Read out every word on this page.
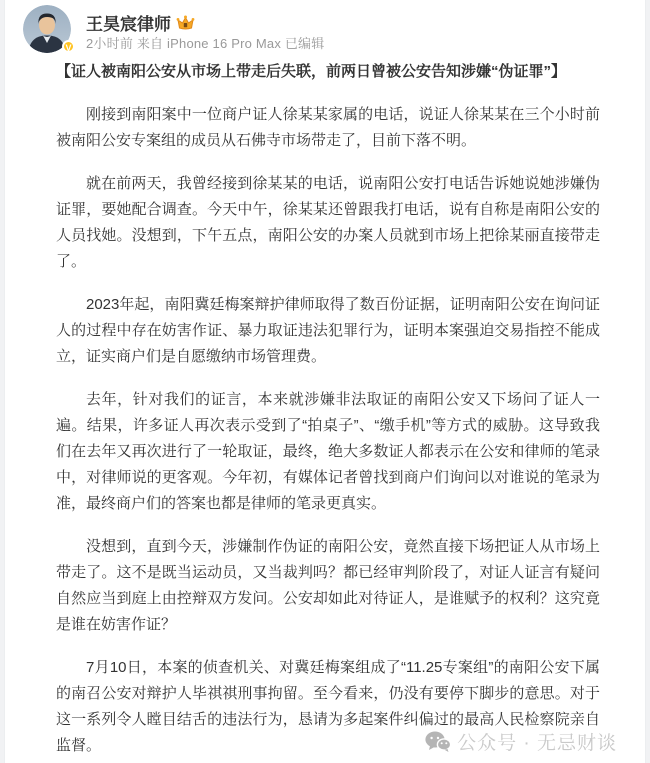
V
王昊宸律师
2小时前 来自 iPhone 16 Pro Max 已编辑

【证人被南阳公安从市场上带走后失联，前两日曾被公安告知涉嫌“伪证罪”】

刚接到南阳案中一位商户证人徐某某家属的电话，说证人徐某某在三个小时前被南阳公安专案组的成员从石佛寺市场带走了，目前下落不明。

就在前两天，我曾经接到徐某某的电话，说南阳公安打电话告诉她说她涉嫌伪证罪，要她配合调查。今天中午，徐某某还曾跟我打电话，说有自称是南阳公安的人员找她。没想到，下午五点，南阳公安的办案人员就到市场上把徐某丽直接带走了。

2023年起，南阳冀廷梅案辩护律师取得了数百份证据，证明南阳公安在询问证人的过程中存在妨害作证、暴力取证违法犯罪行为，证明本案强迫交易指控不能成立，证实商户们是自愿缴纳市场管理费。

去年，针对我们的证言，本来就涉嫌非法取证的南阳公安又下场问了证人一遍。结果，许多证人再次表示受到了“拍桌子”、“缴手机”等方式的威胁。这导致我们在去年又再次进行了一轮取证，最终，绝大多数证人都表示在公安和律师的笔录中，对律师说的更客观。今年初，有媒体记者曾找到商户们询问以对谁说的笔录为准，最终商户们的答案也都是律师的笔录更真实。

没想到，直到今天，涉嫌制作伪证的南阳公安，竟然直接下场把证人从市场上带走了。这不是既当运动员，又当裁判吗？都已经审判阶段了，对证人证言有疑问自然应当到庭上由控辩双方发问。公安却如此对待证人，是谁赋予的权利？这究竟是谁在妨害作证？

7月10日，本案的侦查机关、对冀廷梅案组成了“11.25专案组”的南阳公安下属的南召公安对辩护人毕祺祺刑事拘留。至今看来，仍没有要停下脚步的意思。对于这一系列令人瞠目结舌的违法行为，恳请为多起案件纠偏过的最高人民检察院亲自监督。	公众号 · 无忌财谈
